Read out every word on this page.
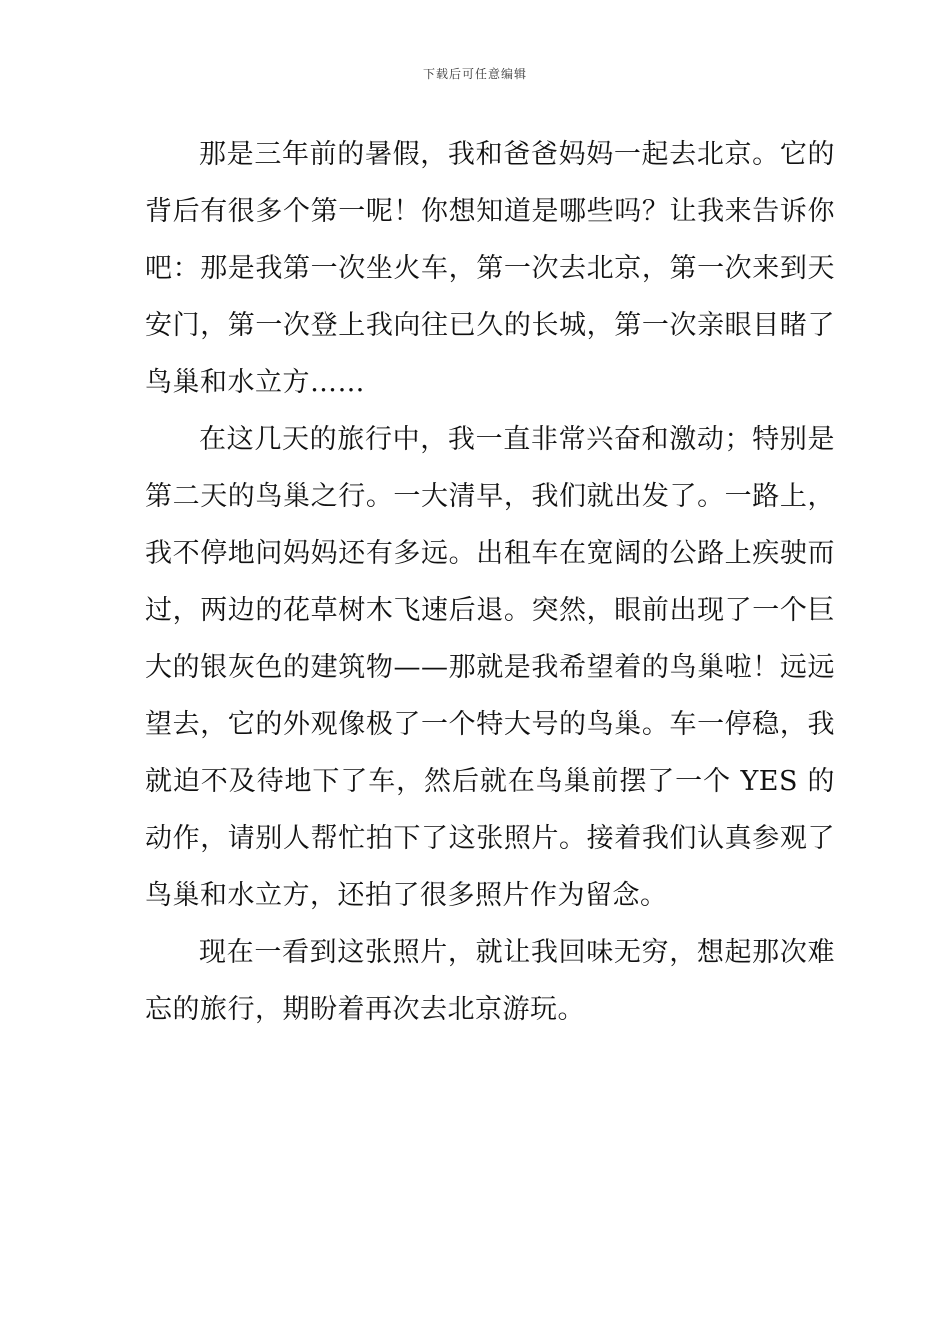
下载后可任意编辑

那是三年前的暑假，我和爸爸妈妈一起去北京。它的背后有很多个第一呢！你想知道是哪些吗？让我来告诉你吧：那是我第一次坐火车，第一次去北京，第一次来到天安门，第一次登上我向往已久的长城，第一次亲眼目睹了鸟巢和水立方……

在这几天的旅行中，我一直非常兴奋和激动；特别是第二天的鸟巢之行。一大清早，我们就出发了。一路上，我不停地问妈妈还有多远。出租车在宽阔的公路上疾驶而过，两边的花草树木飞速后退。突然，眼前出现了一个巨大的银灰色的建筑物——那就是我希望着的鸟巢啦！远远望去，它的外观像极了一个特大号的鸟巢。车一停稳，我就迫不及待地下了车，然后就在鸟巢前摆了一个 YES 的动作，请别人帮忙拍下了这张照片。接着我们认真参观了鸟巢和水立方，还拍了很多照片作为留念。

现在一看到这张照片，就让我回味无穷，想起那次难忘的旅行，期盼着再次去北京游玩。
